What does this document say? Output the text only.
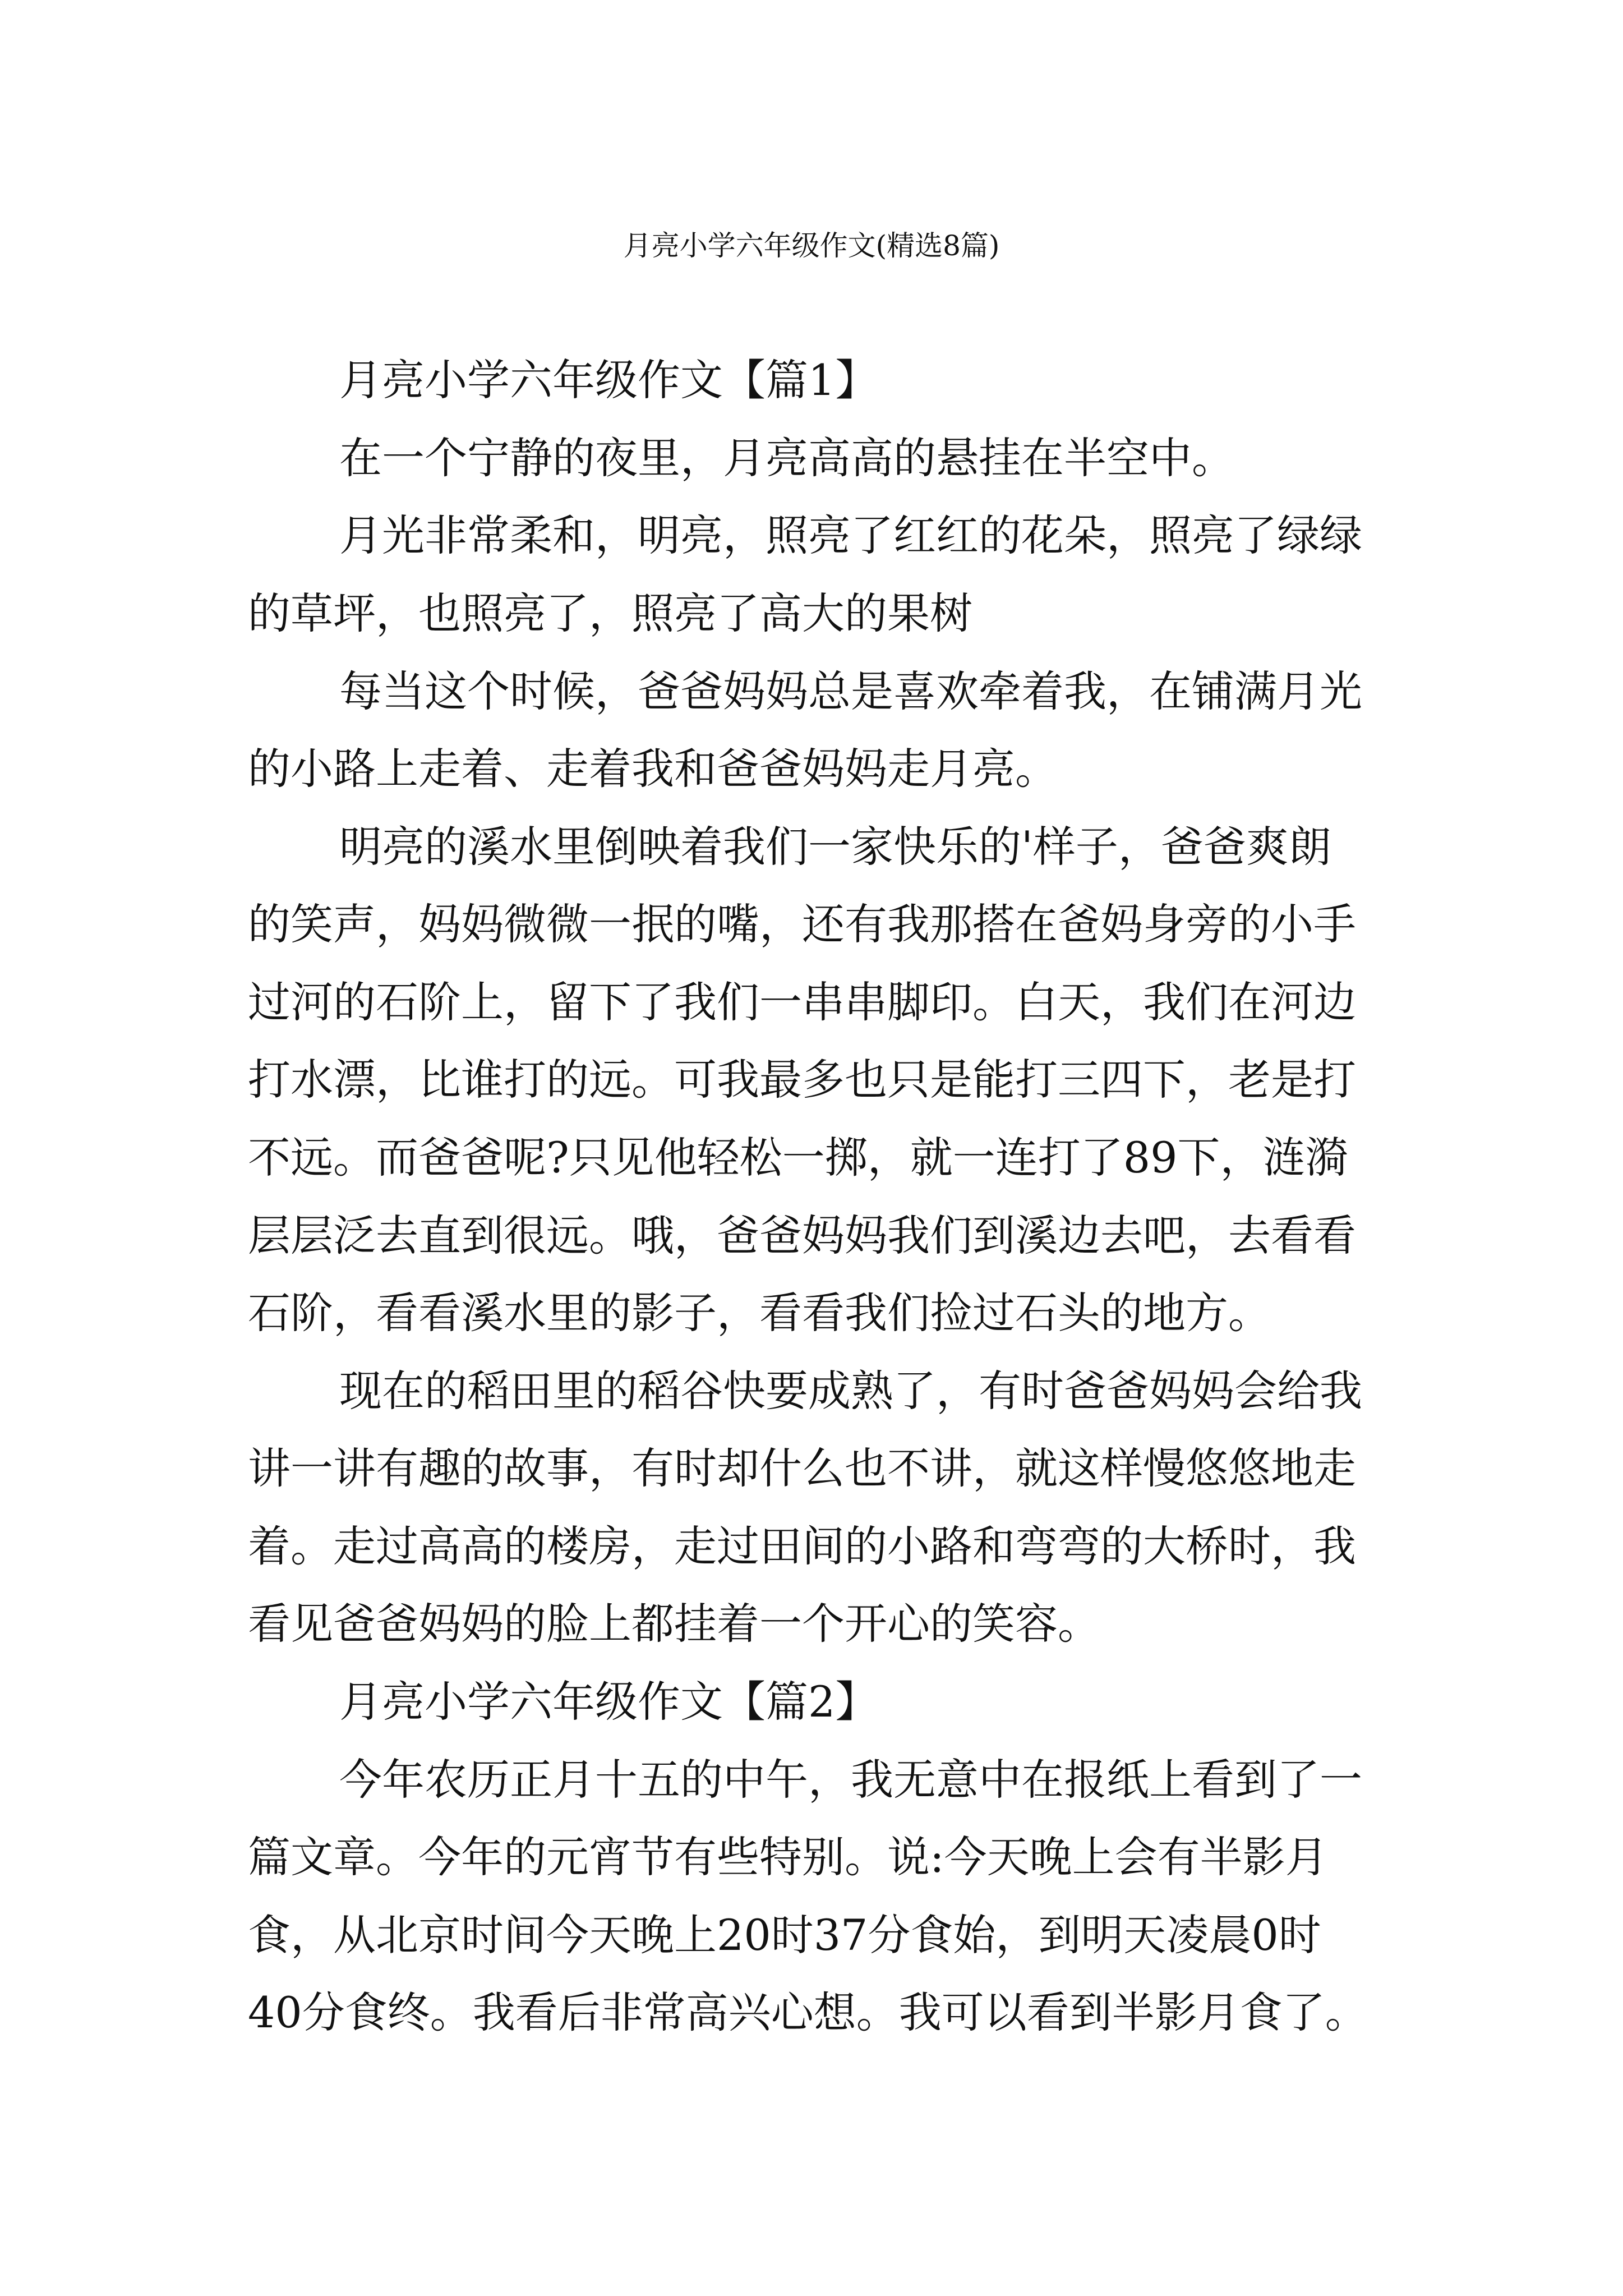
月亮小学六年级作文(精选8篇)

月亮小学六年级作文【篇1】

在一个宁静的夜里，月亮高高的悬挂在半空中。

月光非常柔和，明亮，照亮了红红的花朵，照亮了绿绿

的草坪，也照亮了，照亮了高大的果树

每当这个时候，爸爸妈妈总是喜欢牵着我，在铺满月光

的小路上走着、走着我和爸爸妈妈走月亮。

明亮的溪水里倒映着我们一家快乐的'样子，爸爸爽朗

的笑声，妈妈微微一抿的嘴，还有我那搭在爸妈身旁的小手

过河的石阶上，留下了我们一串串脚印。白天，我们在河边

打水漂，比谁打的远。可我最多也只是能打三四下，老是打

不远。而爸爸呢?只见他轻松一掷，就一连打了89下，涟漪

层层泛去直到很远。哦，爸爸妈妈我们到溪边去吧，去看看

石阶，看看溪水里的影子，看看我们捡过石头的地方。

现在的稻田里的稻谷快要成熟了，有时爸爸妈妈会给我

讲一讲有趣的故事，有时却什么也不讲，就这样慢悠悠地走

着。走过高高的楼房，走过田间的小路和弯弯的大桥时，我

看见爸爸妈妈的脸上都挂着一个开心的笑容。

月亮小学六年级作文【篇2】

今年农历正月十五的中午，我无意中在报纸上看到了一

篇文章。今年的元宵节有些特别。说:今天晚上会有半影月

食，从北京时间今天晚上20时37分食始，到明天凌晨0时

40分食终。我看后非常高兴心想。我可以看到半影月食了。
